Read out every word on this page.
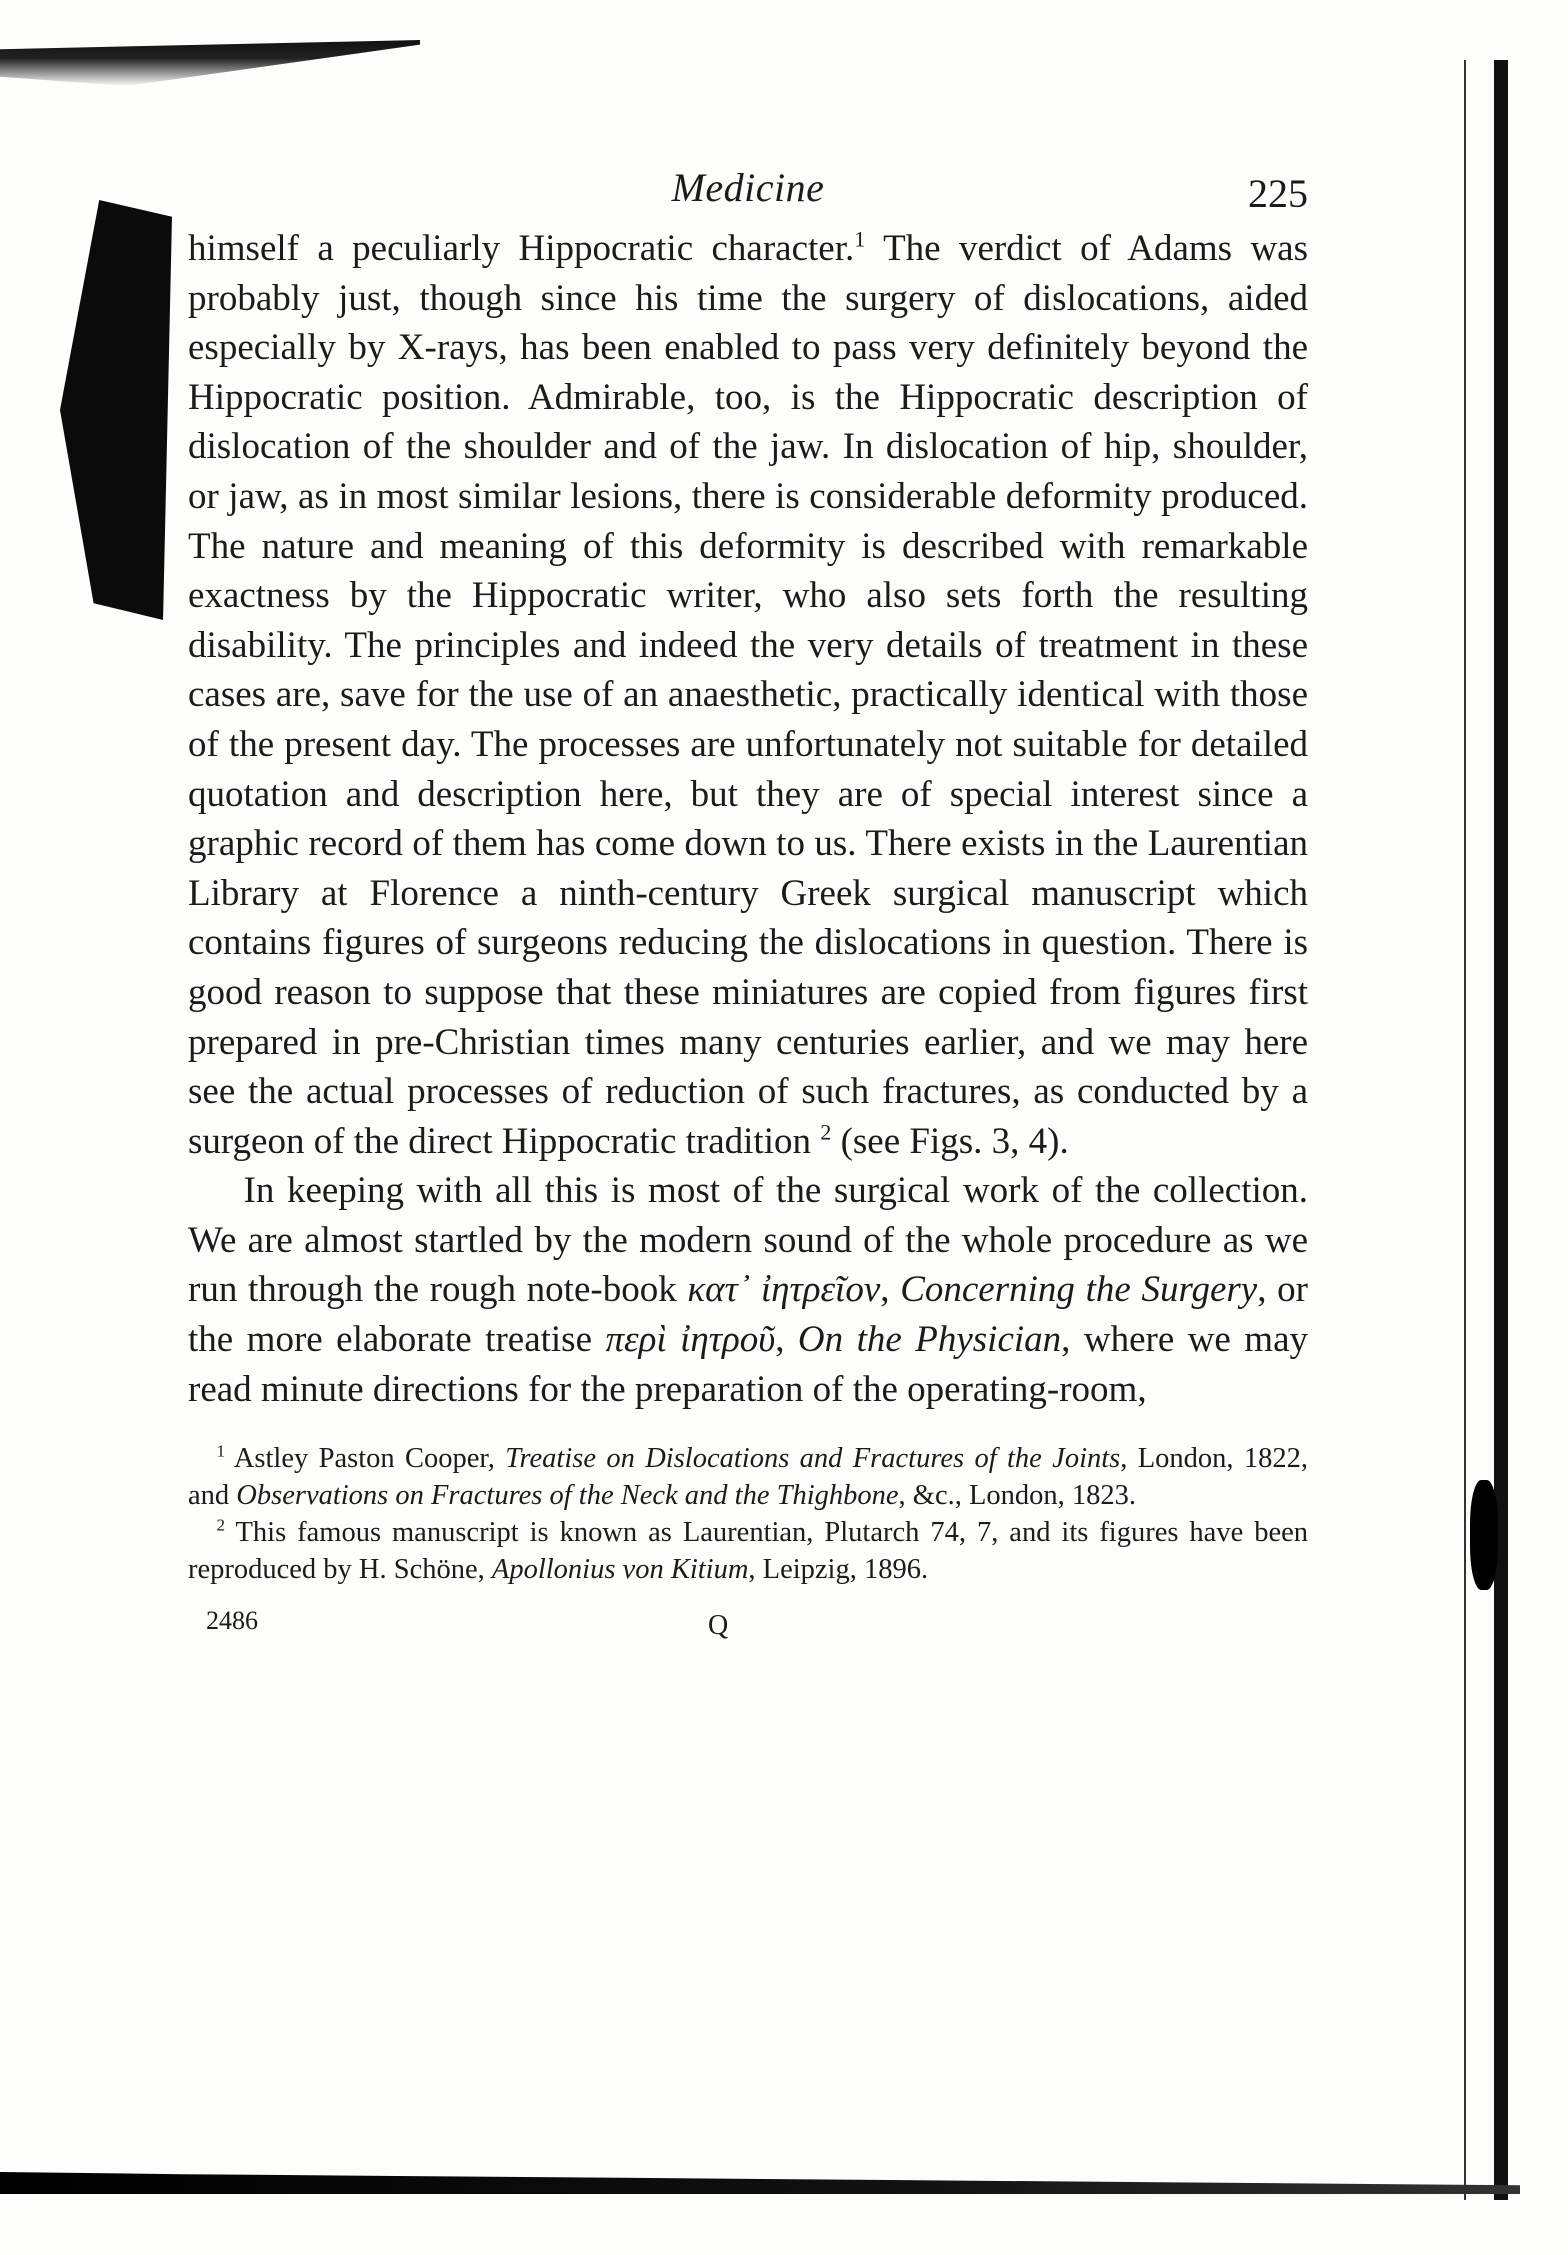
Medicine	225

himself a peculiarly Hippocratic character.$^1$ The verdict of Adams was probably just, though since his time the surgery of dislocations, aided especially by X-rays, has been enabled to pass very definitely beyond the Hippocratic position. Admirable, too, is the Hippocratic description of dislocation of the shoulder and of the jaw. In dislocation of hip, shoulder, or jaw, as in most similar lesions, there is considerable deformity produced. The nature and meaning of this deformity is described with remarkable exactness by the Hippocratic writer, who also sets forth the resulting disability. The principles and indeed the very details of treatment in these cases are, save for the use of an anaesthetic, practically identical with those of the present day. The processes are unfortunately not suitable for detailed quotation and description here, but they are of special interest since a graphic record of them has come down to us. There exists in the Laurentian Library at Florence a ninth-century Greek surgical manuscript which contains figures of surgeons reducing the dislocations in question. There is good reason to suppose that these miniatures are copied from figures first prepared in pre-Christian times many centuries earlier, and we may here see the actual processes of reduction of such fractures, as conducted by a surgeon of the direct Hippocratic tradition $^2$ (see Figs. 3, 4).

In keeping with all this is most of the surgical work of the collection. We are almost startled by the modern sound of the whole procedure as we run through the rough note-book κατ᾽ ἰητρεῖον, Concerning the Surgery, or the more elaborate treatise περὶ ἰητροῦ, On the Physician, where we may read minute directions for the preparation of the operating-room,

$^1$ Astley Paston Cooper, Treatise on Dislocations and Fractures of the Joints, London, 1822, and Observations on Fractures of the Neck and the Thighbone, &c., London, 1823.

$^2$ This famous manuscript is known as Laurentian, Plutarch 74, 7, and its figures have been reproduced by H. Schöne, Apollonius von Kitium, Leipzig, 1896.

2486	Q
